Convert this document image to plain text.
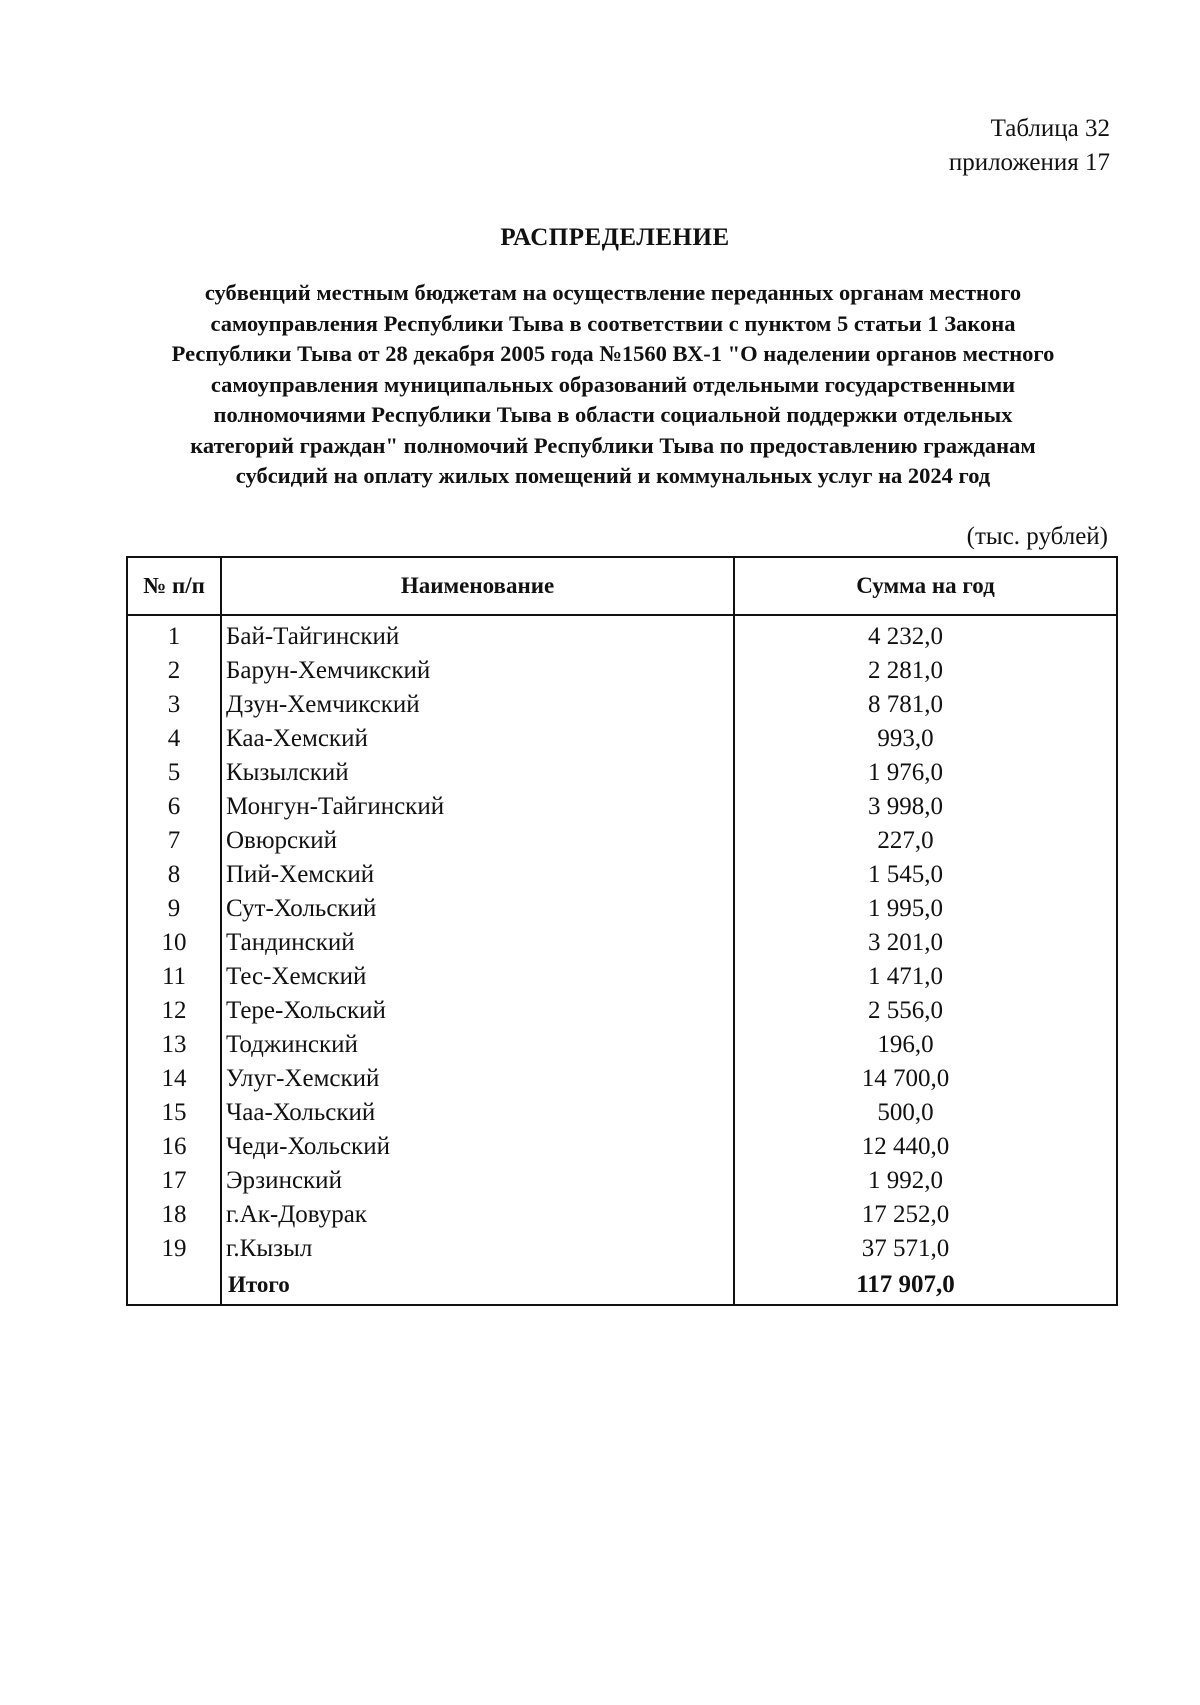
Таблица 32
приложения 17
РАСПРЕДЕЛЕНИЕ
субвенций местным бюджетам на осуществление переданных органам местного
самоуправления Республики Тыва в соответствии с пунктом 5 статьи 1 Закона
Республики Тыва от 28 декабря 2005 года №1560 ВХ-1 "О наделении органов местного
самоуправления муниципальных образований отдельными государственными
полномочиями Республики Тыва в области социальной поддержки отдельных
категорий граждан" полномочий Республики Тыва по предоставлению гражданам
субсидий на оплату жилых помещений и коммунальных услуг на 2024 год
(тыс. рублей)
№ п/п	Наименование	Сумма на год
1	Бай-Тайгинский	4 232,0
2	Барун-Хемчикский	2 281,0
3	Дзун-Хемчикский	8 781,0
4	Каа-Хемский	993,0
5	Кызылский	1 976,0
6	Монгун-Тайгинский	3 998,0
7	Овюрский	227,0
8	Пий-Хемский	1 545,0
9	Сут-Хольский	1 995,0
10	Тандинский	3 201,0
11	Тес-Хемский	1 471,0
12	Тере-Хольский	2 556,0
13	Тоджинский	196,0
14	Улуг-Хемский	14 700,0
15	Чаа-Хольский	500,0
16	Чеди-Хольский	12 440,0
17	Эрзинский	1 992,0
18	г.Ак-Довурак	17 252,0
19	г.Кызыл	37 571,0
	Итого	117 907,0
